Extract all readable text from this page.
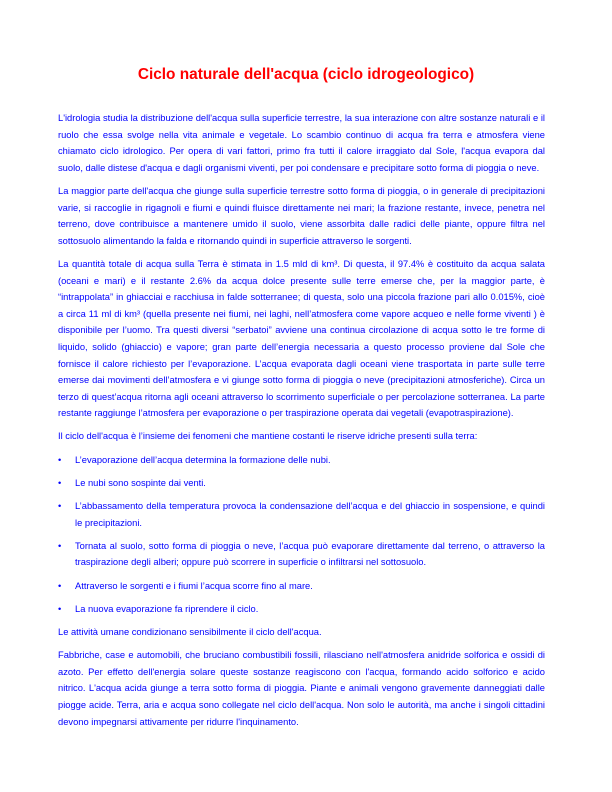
Ciclo naturale dell'acqua (ciclo idrogeologico)

L'idrologia studia la distribuzione dell'acqua sulla superficie terrestre, la sua interazione con altre sostanze naturali e il ruolo che essa svolge nella vita animale e vegetale. Lo scambio continuo di acqua fra terra e atmosfera viene chiamato ciclo idrologico. Per opera di vari fattori, primo fra tutti il calore irraggiato dal Sole, l'acqua evapora dal suolo, dalle distese d'acqua e dagli organismi viventi, per poi condensare e precipitare sotto forma di pioggia o neve.

La maggior parte dell'acqua che giunge sulla superficie terrestre sotto forma di pioggia, o in generale di precipitazioni varie, si raccoglie in rigagnoli e fiumi e quindi fluisce direttamente nei mari; la frazione restante, invece, penetra nel terreno, dove contribuisce a mantenere umido il suolo, viene assorbita dalle radici delle piante, oppure filtra nel sottosuolo alimentando la falda e ritornando quindi in superficie attraverso le sorgenti.

La quantità totale di acqua sulla Terra è stimata in 1.5 mld di km³. Di questa, il 97.4% è costituito da acqua salata (oceani e mari) e il restante 2.6% da acqua dolce presente sulle terre emerse che, per la maggior parte, è “intrappolata” in ghiacciai e racchiusa in falde sotterranee; di questa, solo una piccola frazione pari allo 0.015%, cioè a circa 11 ml di km³ (quella presente nei fiumi, nei laghi, nell’atmosfera come vapore acqueo e nelle forme viventi ) è disponibile per l’uomo. Tra questi diversi “serbatoi” avviene una continua circolazione di acqua sotto le tre forme di liquido, solido (ghiaccio) e vapore; gran parte dell’energia necessaria a questo processo proviene dal Sole che fornisce il calore richiesto per l’evaporazione. L’acqua evaporata dagli oceani viene trasportata in parte sulle terre emerse dai movimenti dell’atmosfera e vi giunge sotto forma di pioggia o neve (precipitazioni atmosferiche). Circa un terzo di quest’acqua ritorna agli oceani attraverso lo scorrimento superficiale o per percolazione sotterranea. La parte restante raggiunge l’atmosfera per evaporazione o per traspirazione operata dai vegetali (evapotraspirazione).

Il ciclo dell'acqua è l’insieme dei fenomeni che mantiene costanti le riserve idriche presenti sulla terra:

• L’evaporazione dell’acqua determina la formazione delle nubi.
• Le nubi sono sospinte dai venti.
• L’abbassamento della temperatura provoca la condensazione dell’acqua e del ghiaccio in sospensione, e quindi le precipitazioni.
• Tornata al suolo, sotto forma di pioggia o neve, l’acqua può evaporare direttamente dal terreno, o attraverso la traspirazione degli alberi; oppure può scorrere in superficie o infiltrarsi nel sottosuolo.
• Attraverso le sorgenti e i fiumi l’acqua scorre fino al mare.
• La nuova evaporazione fa riprendere il ciclo.

Le attività umane condizionano sensibilmente il ciclo dell'acqua.

Fabbriche, case e automobili, che bruciano combustibili fossili, rilasciano nell'atmosfera anidride solforica e ossidi di azoto. Per effetto dell'energia solare queste sostanze reagiscono con l'acqua, formando acido solforico e acido nitrico. L'acqua acida giunge a terra sotto forma di pioggia. Piante e animali vengono gravemente danneggiati dalle piogge acide. Terra, aria e acqua sono collegate nel ciclo dell'acqua. Non solo le autorità, ma anche i singoli cittadini devono impegnarsi attivamente per ridurre l'inquinamento.
